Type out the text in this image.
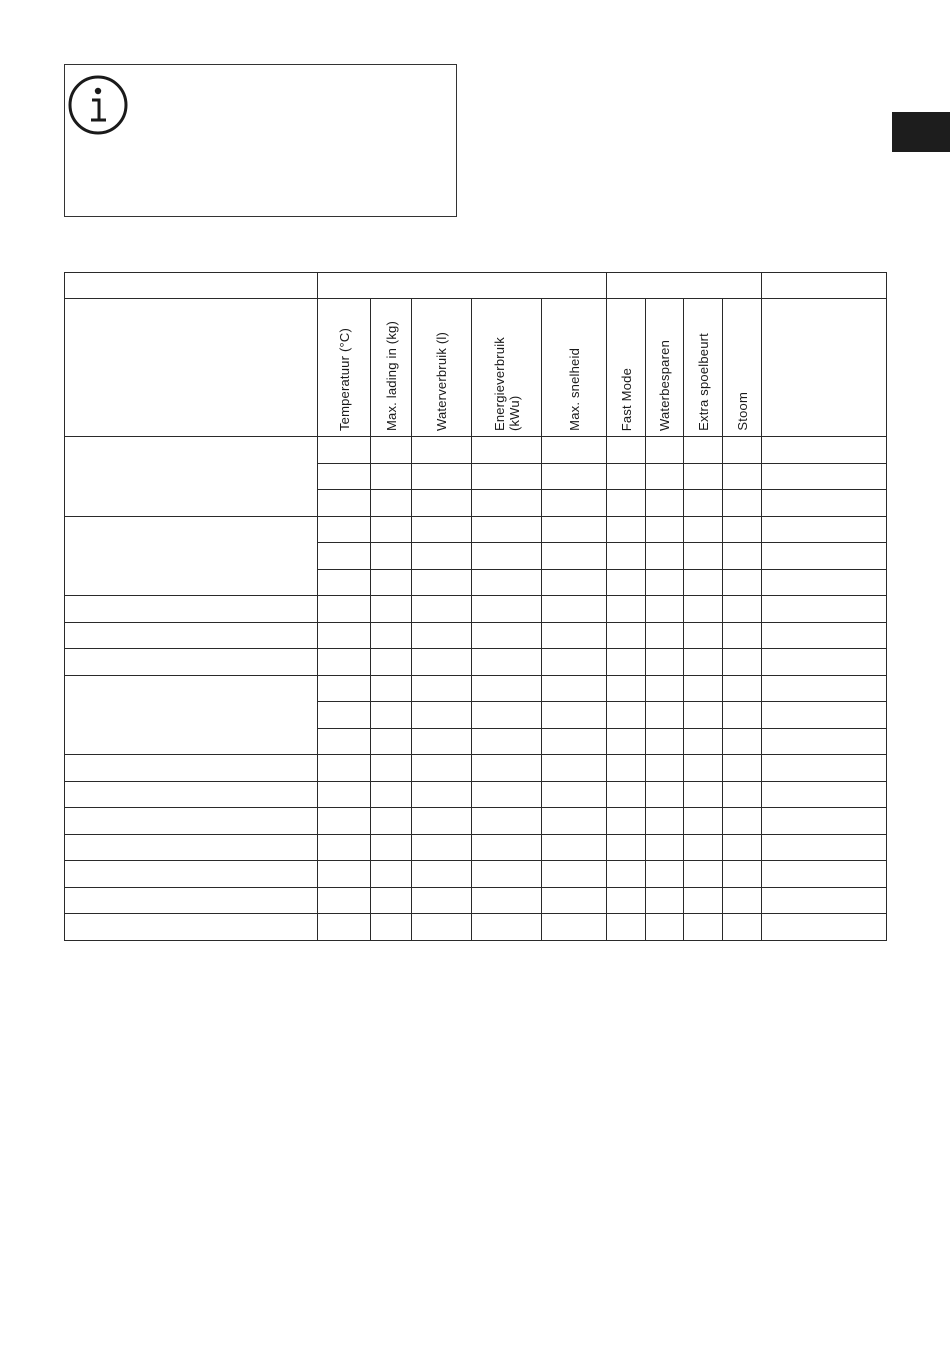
	Temperatuur (°C)	Max. lading in (kg)	Waterverbruik (l)	Energieverbruik
(kWu)	Max. snelheid	Fast Mode	Waterbesparen	Extra spoelbeurt	Stoom	
